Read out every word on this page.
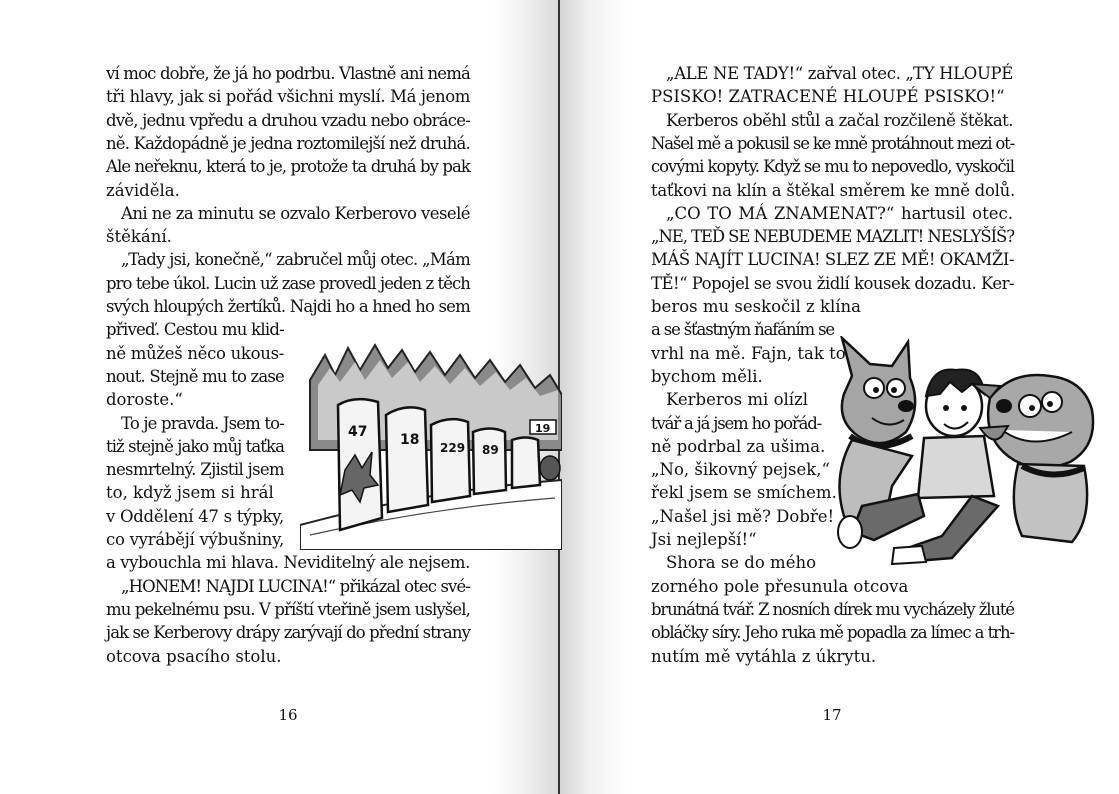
47 18 229 89
19
ví moc dobře, že já ho podrbu. Vlastně ani nemá
tři hlavy, jak si pořád všichni myslí. Má jenom
dvě, jednu vpředu a druhou vzadu nebo obráce-
ně. Každopádně je jedna roztomilejší než druhá.
Ale neřeknu, která to je, protože ta druhá by pak
záviděla.
Ani ne za minutu se ozvalo Kerberovo veselé
štěkání.
„Tady jsi, konečně,“ zabručel můj otec. „Mám
pro tebe úkol. Lucin už zase provedl jeden z těch
svých hloupých žertíků. Najdi ho a hned ho sem
přiveď. Cestou mu klid-
ně můžeš něco ukous-
nout. Stejně mu to zase
doroste.“
To je pravda. Jsem to-
tiž stejně jako můj taťka
nesmrtelný. Zjistil jsem
to, když jsem si hrál
v Oddělení 47 s týpky,
co vyrábějí výbušniny,
a vybouchla mi hlava. Neviditelný ale nejsem.
„HONEM! NAJDI LUCINA!“ přikázal otec své-
mu pekelnému psu. V příští vteřině jsem uslyšel,
jak se Kerberovy drápy zarývají do přední strany
otcova psacího stolu.
„ALE NE TADY!“ zařval otec. „TY HLOUPÉ
PSISKO! ZATRACENÉ HLOUPÉ PSISKO!“
Kerberos oběhl stůl a začal rozčileně štěkat.
Našel mě a pokusil se ke mně protáhnout mezi ot-
covými kopyty. Když se mu to nepovedlo, vyskočil
taťkovi na klín a štěkal směrem ke mně dolů.
„CO TO MÁ ZNAMENAT?“ hartusil otec.
„NE, TEĎ SE NEBUDEME MAZLIT! NESLYŠÍŠ?
MÁŠ NAJÍT LUCINA! SLEZ ZE MĚ! OKAMŽI-
TĚ!“ Popojel se svou židlí kousek dozadu. Ker-
beros mu seskočil z klína
a se šťastným ňafáním se
vrhl na mě. Fajn, tak to
bychom měli.
Kerberos mi olízl
tvář a já jsem ho pořád-
ně podrbal za ušima.
„No, šikovný pejsek,“
řekl jsem se smíchem.
„Našel jsi mě? Dobře!
Jsi nejlepší!“
Shora se do mého
zorného pole přesunula otcova
brunátná tvář. Z nosních dírek mu vycházely žluté
obláčky síry. Jeho ruka mě popadla za límec a trh-
nutím mě vytáhla z úkrytu.
16	17
